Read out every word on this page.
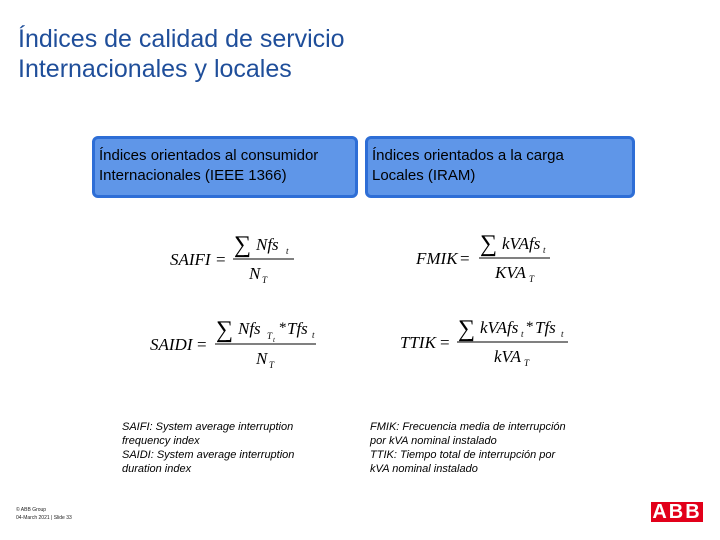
Índices de calidad de servicio
Internacionales y locales
Índices orientados al consumidor
Internacionales (IEEE 1366)
Índices orientados a la carga
Locales (IRAM)
SAIFI =
∑ Nfs t
N T
SAIDI =
∑ Nfs T t
* Tfs t
N T
FMIK =
∑ kVAfs t
KVA T
TTIK =
∑ kVAfs t * Tfs t
kVA T
SAIFI: System average interruption
frequency index
SAIDI: System average interruption
duration index
FMIK: Frecuencia media de interrupción
por kVA nominal instalado
TTIK: Tiempo total de interrupción por
kVA nominal instalado
© ABB Group
04-March 2021 | Slide 33	ABB
